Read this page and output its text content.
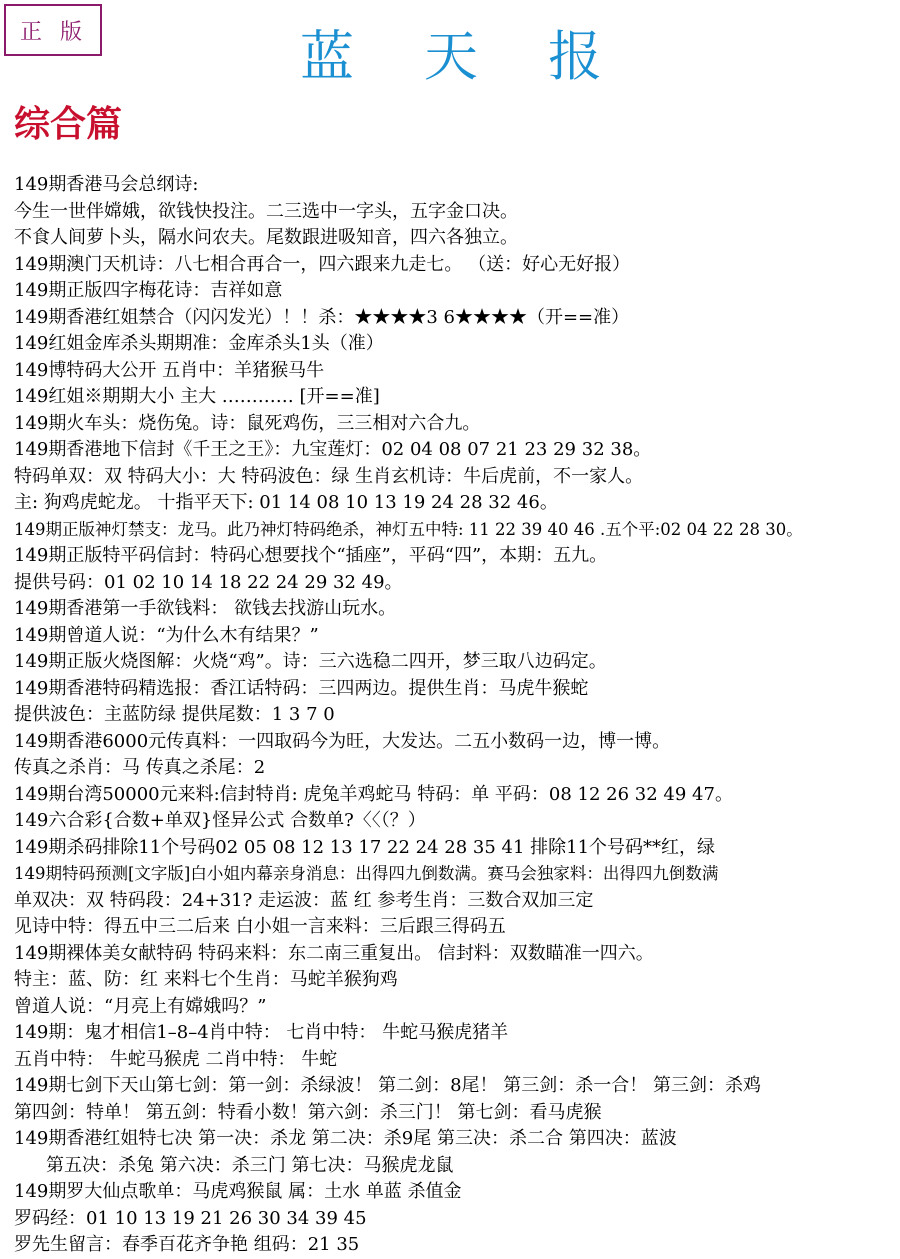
正版	蓝天报
综合篇
149期香港马会总纲诗:
今生一世伴嫦娥，欲钱快投注。二三选中一字头，五字金口决。
不食人间萝卜头，隔水问农夫。尾数跟进吸知音，四六各独立。
149期澳门天机诗：八七相合再合一，四六跟来九走七。 （送：好心无好报）
149期正版四字梅花诗：吉祥如意
149期香港红姐禁合（闪闪发光）！！杀：★★★★3 6★★★★（开==准）
149红姐金库杀头期期准：金库杀头1头（准）
149博特码大公开 五肖中：羊猪猴马牛
149红姐※期期大小 主大 ………… [开==准]
149期火车头：烧伤兔。诗：鼠死鸡伤，三三相对六合九。
149期香港地下信封《千王之王》：九宝莲灯：02 04 08 07 21 23 29 32 38。
特码单双：双 特码大小：大 特码波色：绿 生肖玄机诗：牛后虎前，不一家人。
主: 狗鸡虎蛇龙。 十指平天下: 01 14 08 10 13 19 24 28 32 46。
149期正版神灯禁支：龙马。此乃神灯特码绝杀，神灯五中特: 11 22 39 40 46 .五个平:02 04 22 28 30。
149期正版特平码信封：特码心想要找个“插座”，平码“四”，本期：五九。
提供号码：01 02 10 14 18 22 24 29 32 49。
149期香港第一手欲钱料： 欲钱去找游山玩水。
149期曾道人说：“为什么木有结果？”
149期正版火烧图解：火烧“鸡”。诗：三六选稳二四开，梦三取八边码定。
149期香港特码精选报：香江话特码：三四两边。提供生肖：马虎牛猴蛇
提供波色：主蓝防绿 提供尾数：1 3 7 0
149期香港6000元传真料：一四取码今为旺，大发达。二五小数码一边，博一博。
传真之杀肖：马 传真之杀尾：2
149期台湾50000元来料:信封特肖: 虎兔羊鸡蛇马 特码：单 平码：08 12 26 32 49 47。
149六合彩{合数+单双}怪异公式 合数单?〈〈（？）
149期杀码排除11个号码02 05 08 12 13 17 22 24 28 35 41 排除11个号码**红，绿
149期特码预测[文字版]白小姐内幕亲身消息：出得四九倒数满。赛马会独家料：出得四九倒数满
单双决：双 特码段：24+31? 走运波：蓝 红 参考生肖：三数合双加三定
见诗中特：得五中三二后来 白小姐一言来料：三后跟三得码五
149期裸体美女献特码 特码来料：东二南三重复出。 信封料：双数瞄准一四六。
特主：蓝、防：红 来料七个生肖：马蛇羊猴狗鸡
曾道人说：“月亮上有嫦娥吗？”
149期：鬼才相信1–8–4肖中特： 七肖中特： 牛蛇马猴虎猪羊
五肖中特： 牛蛇马猴虎 二肖中特： 牛蛇
149期七剑下天山第七剑：第一剑：杀绿波！ 第二剑：8尾！ 第三剑：杀一合！ 第三剑：杀鸡
第四剑：特单！ 第五剑：特看小数！第六剑：杀三门！ 第七剑：看马虎猴
149期香港红姐特七决 第一决：杀龙 第二决：杀9尾 第三决：杀二合 第四决：蓝波
第五决：杀兔 第六决：杀三门 第七决：马猴虎龙鼠
149期罗大仙点歌单：马虎鸡猴鼠 属：土水 单蓝 杀值金
罗码经：01 10 13 19 21 26 30 34 39 45
罗先生留言：春季百花齐争艳 组码：21 35
